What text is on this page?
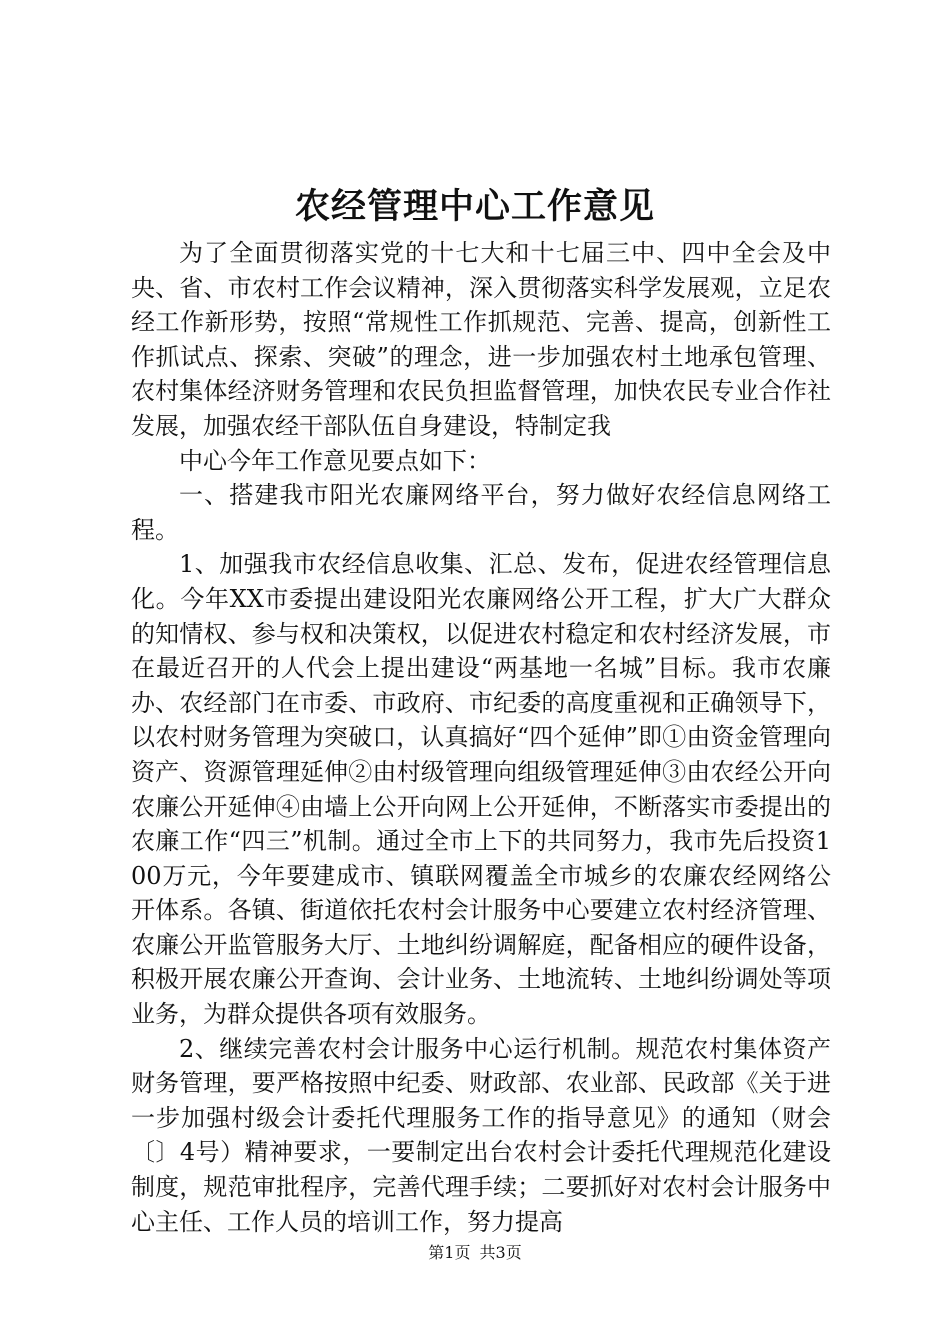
农经管理中心工作意见

为了全面贯彻落实党的十七大和十七届三中、四中全会及中央、省、市农村工作会议精神，深入贯彻落实科学发展观，立足农经工作新形势，按照“常规性工作抓规范、完善、提高，创新性工作抓试点、探索、突破”的理念，进一步加强农村土地承包管理、农村集体经济财务管理和农民负担监督管理，加快农民专业合作社发展，加强农经干部队伍自身建设，特制定我

中心今年工作意见要点如下：

一、搭建我市阳光农廉网络平台，努力做好农经信息网络工程。

1、加强我市农经信息收集、汇总、发布，促进农经管理信息化。今年XX市委提出建设阳光农廉网络公开工程，扩大广大群众的知情权、参与权和决策权，以促进农村稳定和农村经济发展，市在最近召开的人代会上提出建设“两基地一名城”目标。我市农廉办、农经部门在市委、市政府、市纪委的高度重视和正确领导下，以农村财务管理为突破口，认真搞好“四个延伸”即①由资金管理向资产、资源管理延伸②由村级管理向组级管理延伸③由农经公开向农廉公开延伸④由墙上公开向网上公开延伸，不断落实市委提出的农廉工作“四三”机制。通过全市上下的共同努力，我市先后投资100万元，今年要建成市、镇联网覆盖全市城乡的农廉农经网络公开体系。各镇、街道依托农村会计服务中心要建立农村经济管理、农廉公开监管服务大厅、土地纠纷调解庭，配备相应的硬件设备，积极开展农廉公开查询、会计业务、土地流转、土地纠纷调处等项业务，为群众提供各项有效服务。

2、继续完善农村会计服务中心运行机制。规范农村集体资产财务管理，要严格按照中纪委、财政部、农业部、民政部《关于进一步加强村级会计委托代理服务工作的指导意见》的通知（财会〔〕4号）精神要求，一要制定出台农村会计委托代理规范化建设制度，规范审批程序，完善代理手续；二要抓好对农村会计服务中心主任、工作人员的培训工作，努力提高

第1页 共3页
